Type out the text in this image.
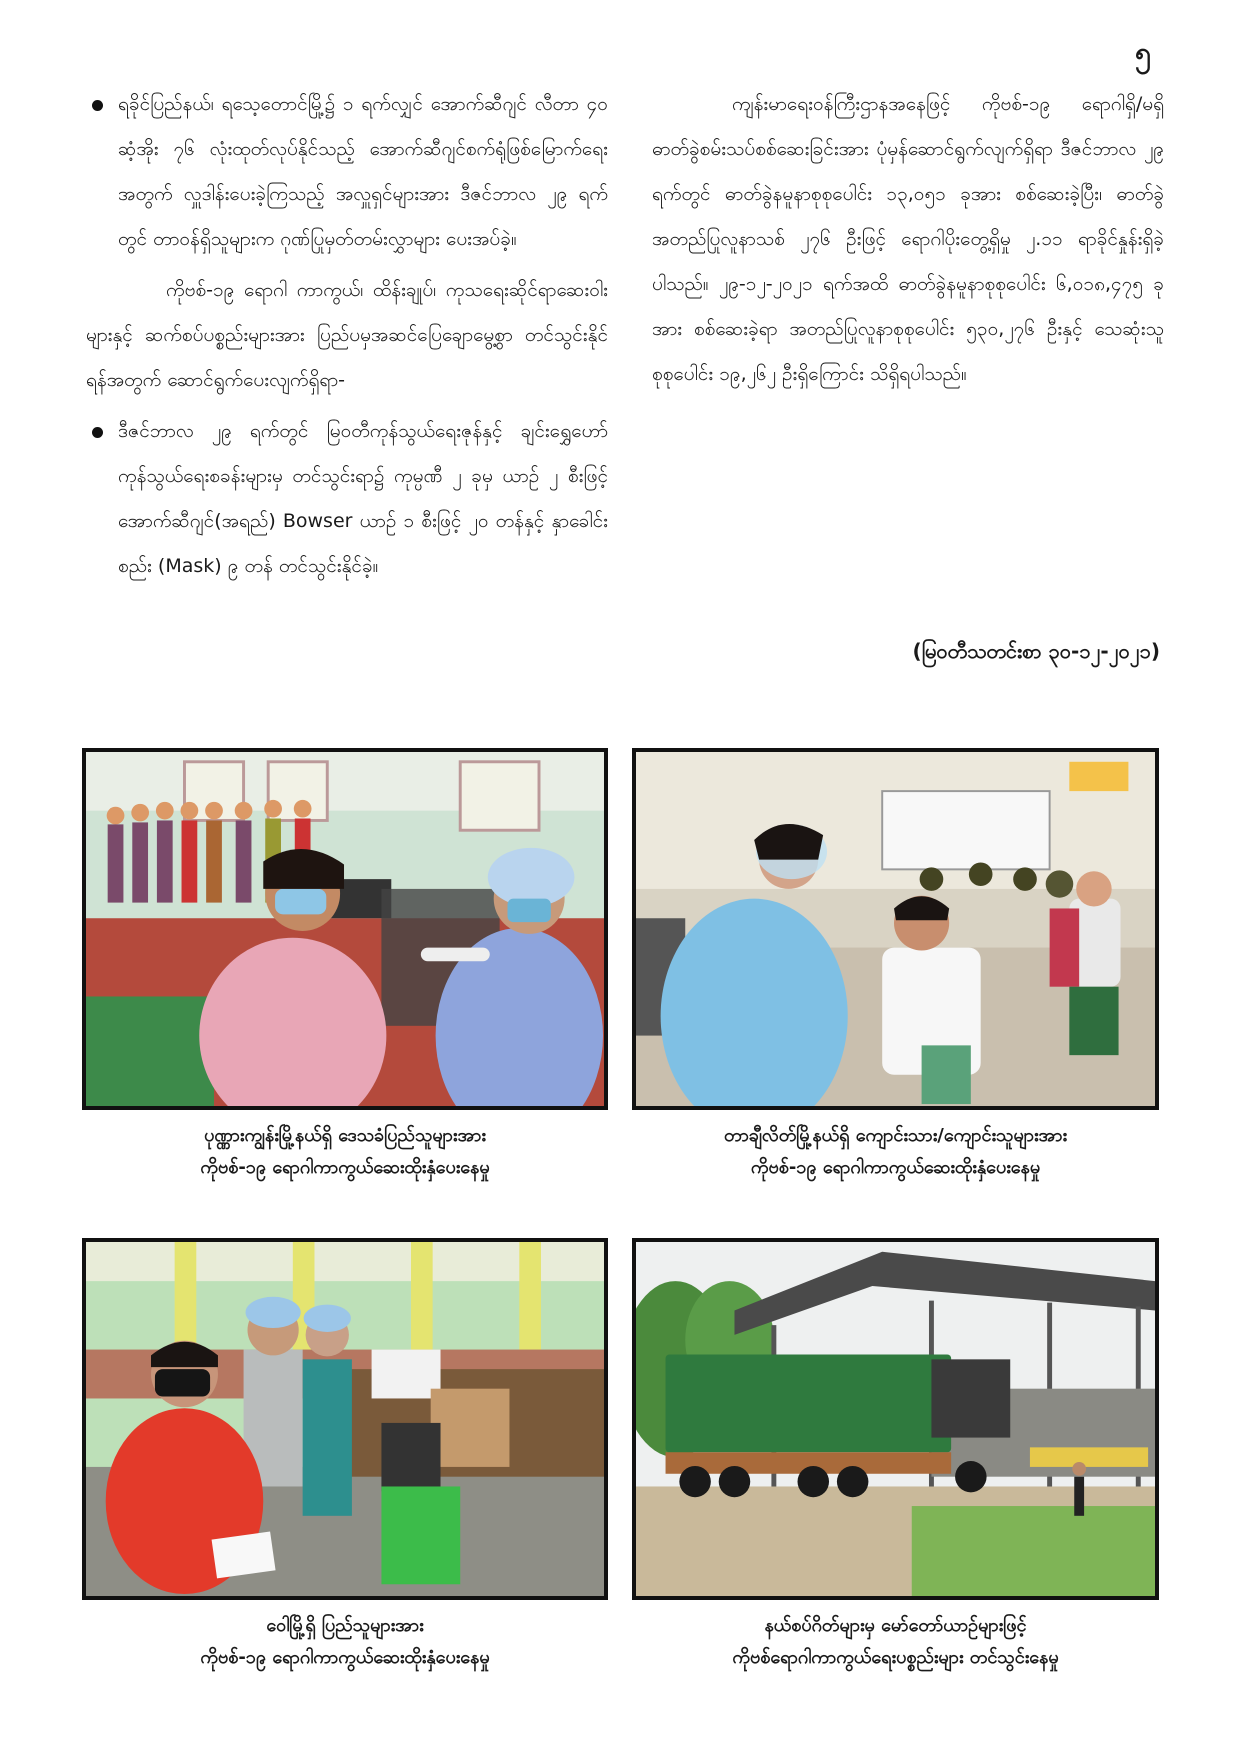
၅

ရခိုင်ပြည်နယ်၊ ရသေ့တောင်မြို့၌ ၁ ရက်လျှင် အောက်ဆီဂျင် လီတာ ၄၀ ဆံ့အိုး ၇၆ လုံးထုတ်လုပ်နိုင်သည့် အောက်ဆီဂျင်စက်ရုံဖြစ်မြောက်ရေးအတွက် လှူဒါန်းပေးခဲ့ကြသည့် အလှူရှင်များအား ဒီဇင်ဘာလ ၂၉ ရက်တွင် တာဝန်ရှိသူများက ဂုဏ်ပြုမှတ်တမ်းလွှာများ ပေးအပ်ခဲ့။

ကိုဗစ်-၁၉ ရောဂါ ကာကွယ်၊ ထိန်းချုပ်၊ ကုသရေးဆိုင်ရာဆေးဝါးများနှင့် ဆက်စပ်ပစ္စည်းများအား ပြည်ပမှအဆင်ပြေချောမွေ့စွာ တင်သွင်းနိုင်ရန်အတွက် ဆောင်ရွက်ပေးလျက်ရှိရာ-

ဒီဇင်ဘာလ ၂၉ ရက်တွင် မြဝတီကုန်သွယ်ရေးဇုန်နှင့် ချင်းရွှေဟော်ကုန်သွယ်ရေးစခန်းများမှ တင်သွင်းရာ၌ ကုမ္ပဏီ ၂ ခုမှ ယာဉ် ၂ စီးဖြင့် အောက်ဆီဂျင်(အရည်) Bowser ယာဉ် ၁ စီးဖြင့် ၂၀ တန်နှင့် နှာခေါင်းစည်း (Mask) ၉ တန် တင်သွင်းနိုင်ခဲ့။

ကျန်းမာရေးဝန်ကြီးဌာနအနေဖြင့် ကိုဗစ်-၁၉ ရောဂါရှိ/မရှိ ဓာတ်ခွဲစမ်းသပ်စစ်ဆေးခြင်းအား ပုံမှန်ဆောင်ရွက်လျက်ရှိရာ ဒီဇင်ဘာလ ၂၉ ရက်တွင် ဓာတ်ခွဲနမူနာစုစုပေါင်း ၁၃,၀၅၁ ခုအား စစ်ဆေးခဲ့ပြီး၊ ဓာတ်ခွဲအတည်ပြုလူနာသစ် ၂၇၆ ဦးဖြင့် ရောဂါပိုးတွေ့ရှိမှု ၂.၁၁ ရာခိုင်နှုန်းရှိခဲ့ပါသည်။ ၂၉-၁၂-၂၀၂၁ ရက်အထိ ဓာတ်ခွဲနမူနာစုစုပေါင်း ၆,၀၁၈,၄၇၅ ခုအား စစ်ဆေးခဲ့ရာ အတည်ပြုလူနာစုစုပေါင်း ၅၃၀,၂၇၆ ဦးနှင့် သေဆုံးသူစုစုပေါင်း ၁၉,၂၆၂ ဦးရှိကြောင်း သိရှိရပါသည်။

(မြဝတီသတင်းစာ ၃၀-၁၂-၂၀၂၁)
ပုဏ္ဏားကျွန်းမြို့နယ်ရှိ ဒေသခံပြည်သူများအား
ကိုဗစ်-၁၉ ရောဂါကာကွယ်ဆေးထိုးနှံပေးနေမှု
တာချီလိတ်မြို့နယ်ရှိ ကျောင်းသား/ကျောင်းသူများအား
ကိုဗစ်-၁၉ ရောဂါကာကွယ်ဆေးထိုးနှံပေးနေမှု
ဝေါမြို့ရှိ ပြည်သူများအား
ကိုဗစ်-၁၉ ရောဂါကာကွယ်ဆေးထိုးနှံပေးနေမှု
နယ်စပ်ဂိတ်များမှ မော်တော်ယာဉ်များဖြင့်
ကိုဗစ်ရောဂါကာကွယ်ရေးပစ္စည်းများ တင်သွင်းနေမှု
